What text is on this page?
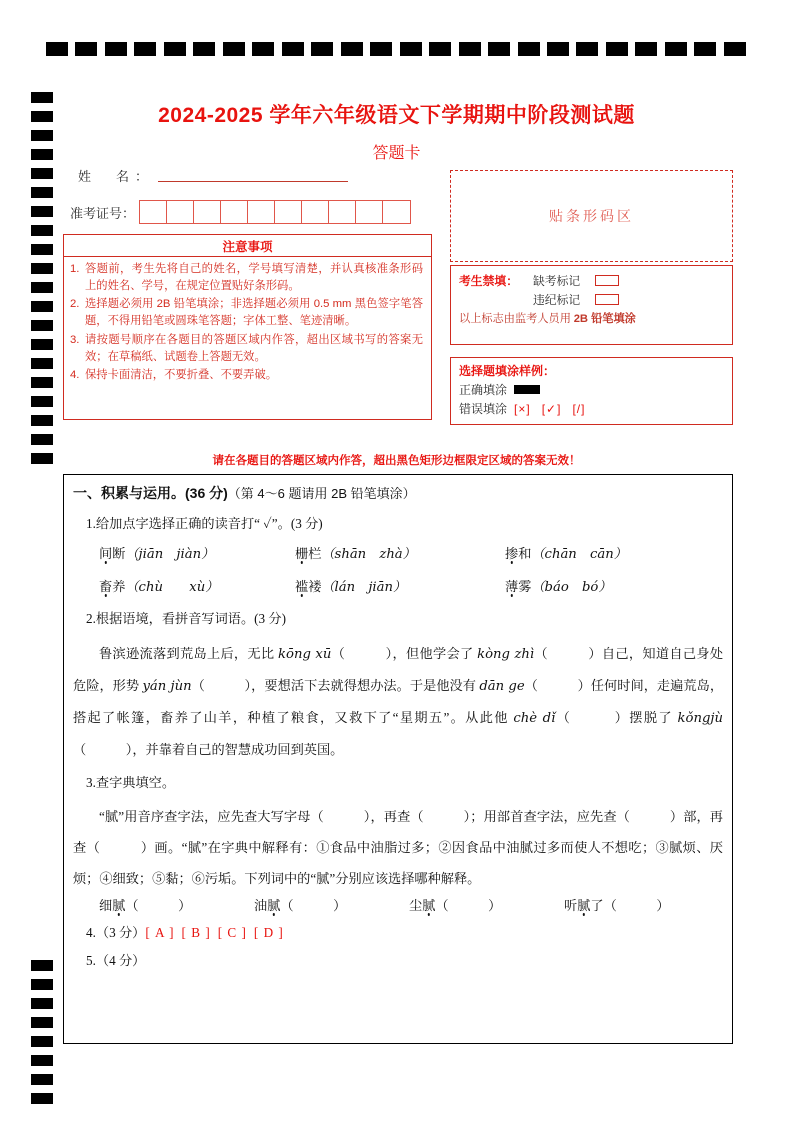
2024-2025 学年六年级语文下学期期中阶段测试题
答题卡
姓　名：
准考证号：
注意事项
1. 答题前，考生先将自己的姓名，学号填写清楚，并认真核准条形码上的姓名、学号，在规定位置贴好条形码。
2. 选择题必须用 2B 铅笔填涂；非选择题必须用 0.5 mm 黑色签字笔答题，不得用铅笔或圆珠笔答题；字体工整、笔迹清晰。
3. 请按题号顺序在各题目的答题区域内作答，超出区域书写的答案无效；在草稿纸、试题卷上答题无效。
4. 保持卡面清洁，不要折叠、不要弄破。
贴条形码区
考生禁填：	缺考标记
违纪标记
以上标志由监考人员用 2B 铅笔填涂
选择题填涂样例：
正确填涂
错误填涂 [×] [✓] [/]
请在各题目的答题区域内作答，超出黑色矩形边框限定区域的答案无效！
一、积累与运用。(36 分)（第 4～6 题请用 2B 铅笔填涂）
1.给加点字选择正确的读音打“ ✓”。(3 分)
间断（jiān　jiàn）	栅栏（shān　zhà）	掺和（chān　cān）
畜养（chù　　xù）	褴褛（lán　jiān）	薄雾（báo　bó）
2.根据语境，看拼音写词语。(3 分)
鲁滨逊流落到荒岛上后，无比 kōng xū（　　　），但他学会了 kòng zhì（　　　）自己，知道自己身处危险，形势 yán jùn（　　　），要想活下去就得想办法。于是他没有 dān ge（　　　）任何时间，走遍荒岛，搭起了帐篷，畜养了山羊，种植了粮食，又救下了“星期五”。从此他 chè dǐ（　　　）摆脱了 kǒngjù（　　　），并靠着自己的智慧成功回到英国。
3.查字典填空。
“腻”用音序查字法，应先查大写字母（　　　），再查（　　　）；用部首查字法，应先查（　　　）部，再查（　　　）画。“腻”在字典中解释有：①食品中油脂过多；②因食品中油腻过多而使人不想吃；③腻烦、厌烦；④细致；⑤黏；⑥污垢。下列词中的“腻”分别应该选择哪种解释。
细腻（　　　	）	油腻（　　　	）	尘腻（　　　	）	听腻了（　　　	）
4.（3 分）[ A ] [ B ] [ C ] [ D ]
5.（4 分）
